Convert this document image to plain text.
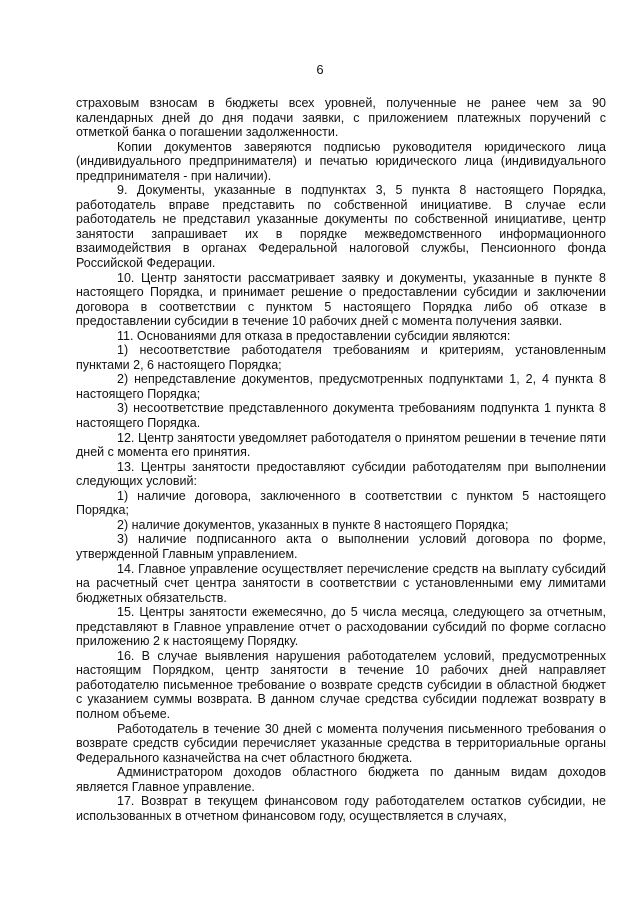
6

страховым взносам в бюджеты всех уровней, полученные не ранее чем за 90 календарных дней до дня подачи заявки, с приложением платежных поручений с отметкой банка о погашении задолженности.

Копии документов заверяются подписью руководителя юридического лица (индивидуального предпринимателя) и печатью юридического лица (индивидуального предпринимателя - при наличии).

9. Документы, указанные в подпунктах 3, 5 пункта 8 настоящего Порядка, работодатель вправе представить по собственной инициативе. В случае если работодатель не представил указанные документы по собственной инициативе, центр занятости запрашивает их в порядке межведомственного информационного взаимодействия в органах Федеральной налоговой службы, Пенсионного фонда Российской Федерации.

10. Центр занятости рассматривает заявку и документы, указанные в пункте 8 настоящего Порядка, и принимает решение о предоставлении субсидии и заключении договора в соответствии с пунктом 5 настоящего Порядка либо об отказе в предоставлении субсидии в течение 10 рабочих дней с момента получения заявки.

11. Основаниями для отказа в предоставлении субсидии являются:

1) несоответствие работодателя требованиям и критериям, установленным пунктами 2, 6 настоящего Порядка;

2) непредставление документов, предусмотренных подпунктами 1, 2, 4 пункта 8 настоящего Порядка;

3) несоответствие представленного документа требованиям подпункта 1 пункта 8 настоящего Порядка.

12. Центр занятости уведомляет работодателя о принятом решении в течение пяти дней с момента его принятия.

13. Центры занятости предоставляют субсидии работодателям при выполнении следующих условий:

1) наличие договора, заключенного в соответствии с пунктом 5 настоящего Порядка;

2) наличие документов, указанных в пункте 8 настоящего Порядка;

3) наличие подписанного акта о выполнении условий договора по форме, утвержденной Главным управлением.

14. Главное управление осуществляет перечисление средств на выплату субсидий на расчетный счет центра занятости в соответствии с установленными ему лимитами бюджетных обязательств.

15. Центры занятости ежемесячно, до 5 числа месяца, следующего за отчетным, представляют в Главное управление отчет о расходовании субсидий по форме согласно приложению 2 к настоящему Порядку.

16. В случае выявления нарушения работодателем условий, предусмотренных настоящим Порядком, центр занятости в течение 10 рабочих дней направляет работодателю письменное требование о возврате средств субсидии в областной бюджет с указанием суммы возврата. В данном случае средства субсидии подлежат возврату в полном объеме.

Работодатель в течение 30 дней с момента получения письменного требования о возврате средств субсидии перечисляет указанные средства в территориальные органы Федерального казначейства на счет областного бюджета.

Администратором доходов областного бюджета по данным видам доходов является Главное управление.

17. Возврат в текущем финансовом году работодателем остатков субсидии, не использованных в отчетном финансовом году, осуществляется в случаях,
